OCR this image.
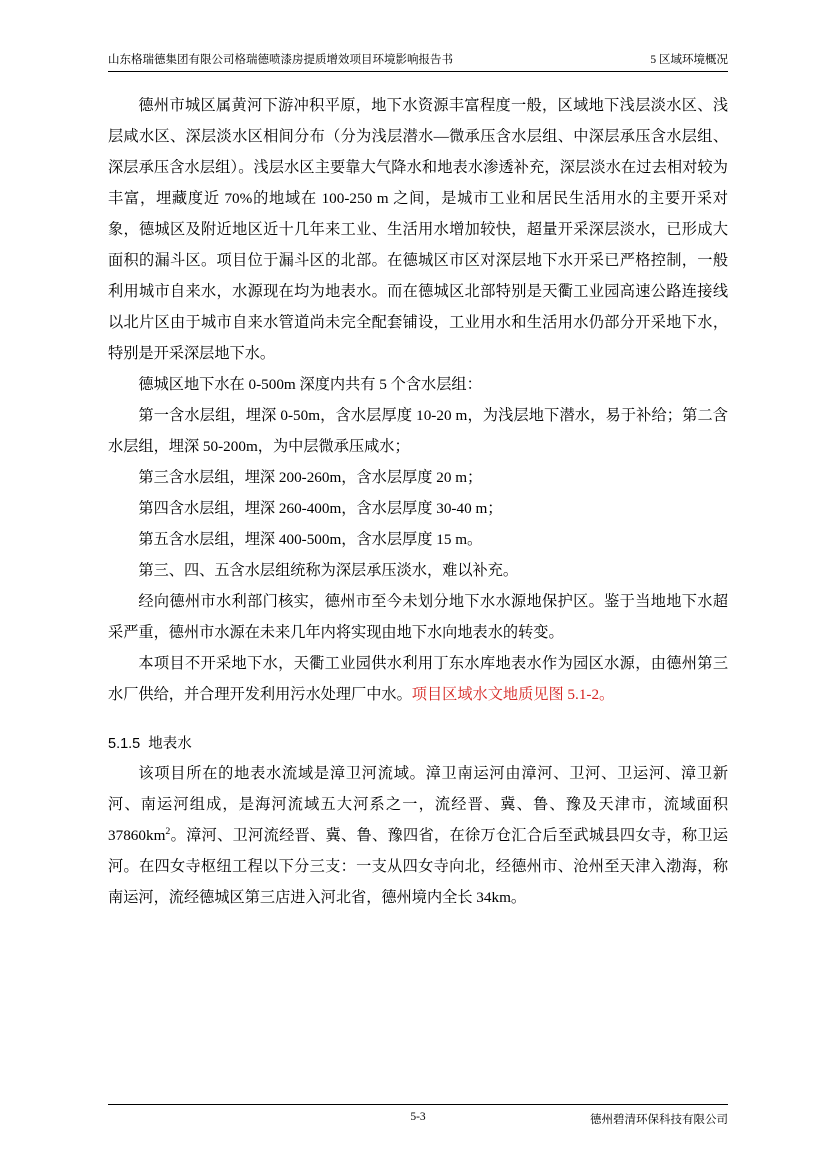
山东格瑞德集团有限公司格瑞德喷漆房提质增效项目环境影响报告书	5 区域环境概况

德州市城区属黄河下游冲积平原，地下水资源丰富程度一般，区域地下浅层淡水区、浅层咸水区、深层淡水区相间分布（分为浅层潜水—微承压含水层组、中深层承压含水层组、深层承压含水层组）。浅层水区主要靠大气降水和地表水渗透补充，深层淡水在过去相对较为丰富，埋藏度近 70%的地域在 100-250 m 之间，是城市工业和居民生活用水的主要开采对象，德城区及附近地区近十几年来工业、生活用水增加较快，超量开采深层淡水，已形成大面积的漏斗区。项目位于漏斗区的北部。在德城区市区对深层地下水开采已严格控制，一般利用城市自来水，水源现在均为地表水。而在德城区北部特别是天衢工业园高速公路连接线以北片区由于城市自来水管道尚未完全配套铺设，工业用水和生活用水仍部分开采地下水，特别是开采深层地下水。

德城区地下水在 0-500m 深度内共有 5 个含水层组：

第一含水层组，埋深 0-50m，含水层厚度 10-20 m，为浅层地下潜水，易于补给；第二含水层组，埋深 50-200m，为中层微承压咸水；

第三含水层组，埋深 200-260m，含水层厚度 20 m；

第四含水层组，埋深 260-400m，含水层厚度 30-40 m；

第五含水层组，埋深 400-500m，含水层厚度 15 m。

第三、四、五含水层组统称为深层承压淡水，难以补充。

经向德州市水利部门核实，德州市至今未划分地下水水源地保护区。鉴于当地地下水超采严重，德州市水源在未来几年内将实现由地下水向地表水的转变。

本项目不开采地下水，天衢工业园供水利用丁东水库地表水作为园区水源，由德州第三水厂供给，并合理开发利用污水处理厂中水。项目区域水文地质见图 5.1-2。

5.1.5 地表水

该项目所在的地表水流域是漳卫河流域。漳卫南运河由漳河、卫河、卫运河、漳卫新河、南运河组成，是海河流域五大河系之一，流经晋、冀、鲁、豫及天津市，流域面积 $37860km^2$。漳河、卫河流经晋、冀、鲁、豫四省，在徐万仓汇合后至武城县四女寺，称卫运河。在四女寺枢纽工程以下分三支：一支从四女寺向北，经德州市、沧州至天津入渤海，称南运河，流经德城区第三店进入河北省，德州境内全长 34km。

5-3	德州碧清环保科技有限公司
